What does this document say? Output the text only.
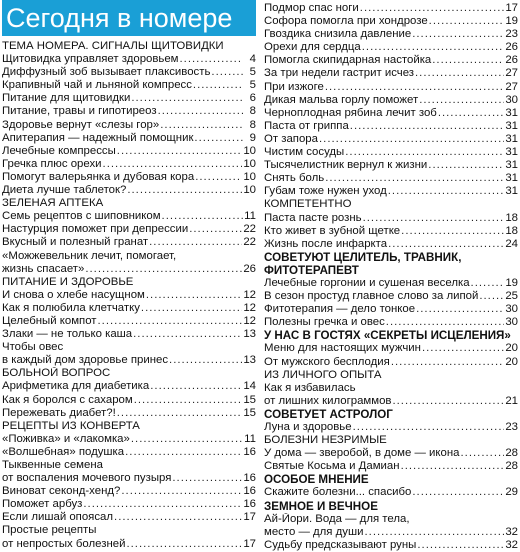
Сегодня в номере
ТЕМА НОМЕРА. СИГНАЛЫ ЩИТОВИДКИ
Щитовидка управляет здоровьем .....	4
Диффузный зоб вызывает плаксивость .....	5
Крапивный чай и льняной компресс .....	5
Питание для щитовидки .....	6
Питание, травы и гипотиреоз .....	8
Здоровье вернут «слезы гор» .....	8
Апитерапия — надежный помощник .....	9
Лечебные компрессы .....	10
Гречка плюс орехи .....	10
Помогут валерьянка и дубовая кора .....	10
Диета лучше таблеток? .....	10
ЗЕЛЕНАЯ АПТЕКА
Семь рецептов с шиповником .....	11
Настурция поможет при депрессии .....	22
Вкусный и полезный гранат .....	22
«Можжевельник лечит, помогает,
жизнь спасает» .....	26
ПИТАНИЕ И ЗДОРОВЬЕ
И снова о хлебе насущном .....	12
Как я полюбила клетчатку .....	12
Целебный компот .....	12
Злаки — не только каша .....	13
Чтобы овес
в каждый дом здоровье принес .....	13
БОЛЬНОЙ ВОПРОС
Арифметика для диабетика .....	14
Как я боролся с сахаром .....	15
Пережевать диабет?! .....	15
РЕЦЕПТЫ ИЗ КОНВЕРТА
«Поживка» и «лакомка» .....	11
«Волшебная» подушка .....	16
Тыквенные семена
от воспаления мочевого пузыря .....	16
Виноват секонд-хенд? .....	16
Поможет арбуз .....	16
Если лишай опоясал .....	17
Простые рецепты
от непростых болезней .....	17
Подмор спас ноги .....	17
Софора помогла при хондрозе .....	19
Гвоздика снизила давление .....	23
Орехи для сердца .....	26
Помогла скипидарная настойка .....	26
За три недели гастрит исчез .....	27
При изжоге .....	27
Дикая мальва горлу поможет .....	30
Черноплодная рябина лечит зоб .....	31
Паста от гриппа .....	31
От запора .....	31
Чистим сосуды .....	31
Тысячелистник вернул к жизни .....	31
Снять боль .....	31
Губам тоже нужен уход .....	31
КОМПЕТЕНТНО
Паста пасте рознь .....	18
Кто живет в зубной щетке .....	18
Жизнь после инфаркта .....	24
СОВЕТУЮТ ЦЕЛИТЕЛЬ, ТРАВНИК,
ФИТОТЕРАПЕВТ
Лечебные горгонии и сушеная веселка .....	19
В сезон простуд главное слово за липой ..... 25
Фитотерапия — дело тонкое .....	30
Полезны гречка и овес .....	30
У НАС В ГОСТЯХ «СЕКРЕТЫ ИСЦЕЛЕНИЯ»
Меню для настоящих мужчин .....	20
От мужского бесплодия .....	20
ИЗ ЛИЧНОГО ОПЫТА
Как я избавилась
от лишних килограммов .....	21
СОВЕТУЕТ АСТРОЛОГ
Луна и здоровье .....	23
БОЛЕЗНИ НЕЗРИМЫЕ
У дома — зверобой, в доме — икона .....	28
Святые Косьма и Дамиан .....	28
ОСОБОЕ МНЕНИЕ
Скажите болезни... спасибо .....	29
ЗЕМНОЕ И ВЕЧНОЕ
Ай-Йори. Вода — для тела,
место — для души .....	32
Судьбу предсказывают руны .....	32
